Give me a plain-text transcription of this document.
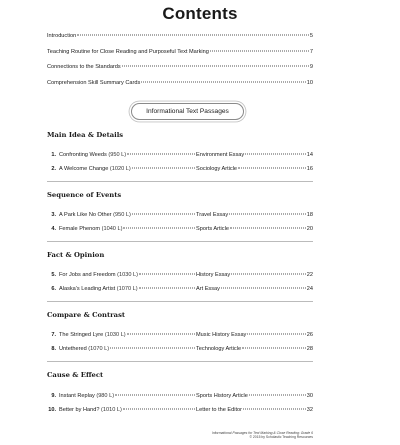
Contents
Introduction	5
Teaching Routine for Close Reading and Purposeful Text Marking	7
Connections to the Standards	9
Comprehension Skill Summary Cards	10
Informational Text Passages
Main Idea & Details
1. Confronting Weeds (950 L)	Environment Essay	14
2. A Welcome Change (1020 L)	Sociology Article	16
Sequence of Events
3. A Park Like No Other (950 L)	Travel Essay	18
4. Female Phenom (1040 L)	Sports Article	20
Fact & Opinion
5. For Jobs and Freedom (1030 L)	History Essay	22
6. Alaska’s Leading Artist (1070 L)	Art Essay	24
Compare & Contrast
7. The Stringed Lyre (1030 L)	Music History Essay	26
8. Untethered (1070 L)	Technology Article	28
Cause & Effect
9. Instant Replay (980 L)	Sports History Article	30
10. Better by Hand? (1010 L)	Letter to the Editor	32
Informational Passages for Text Marking & Close Reading: Grade 6
© 2015 by Scholastic Teaching Resources
